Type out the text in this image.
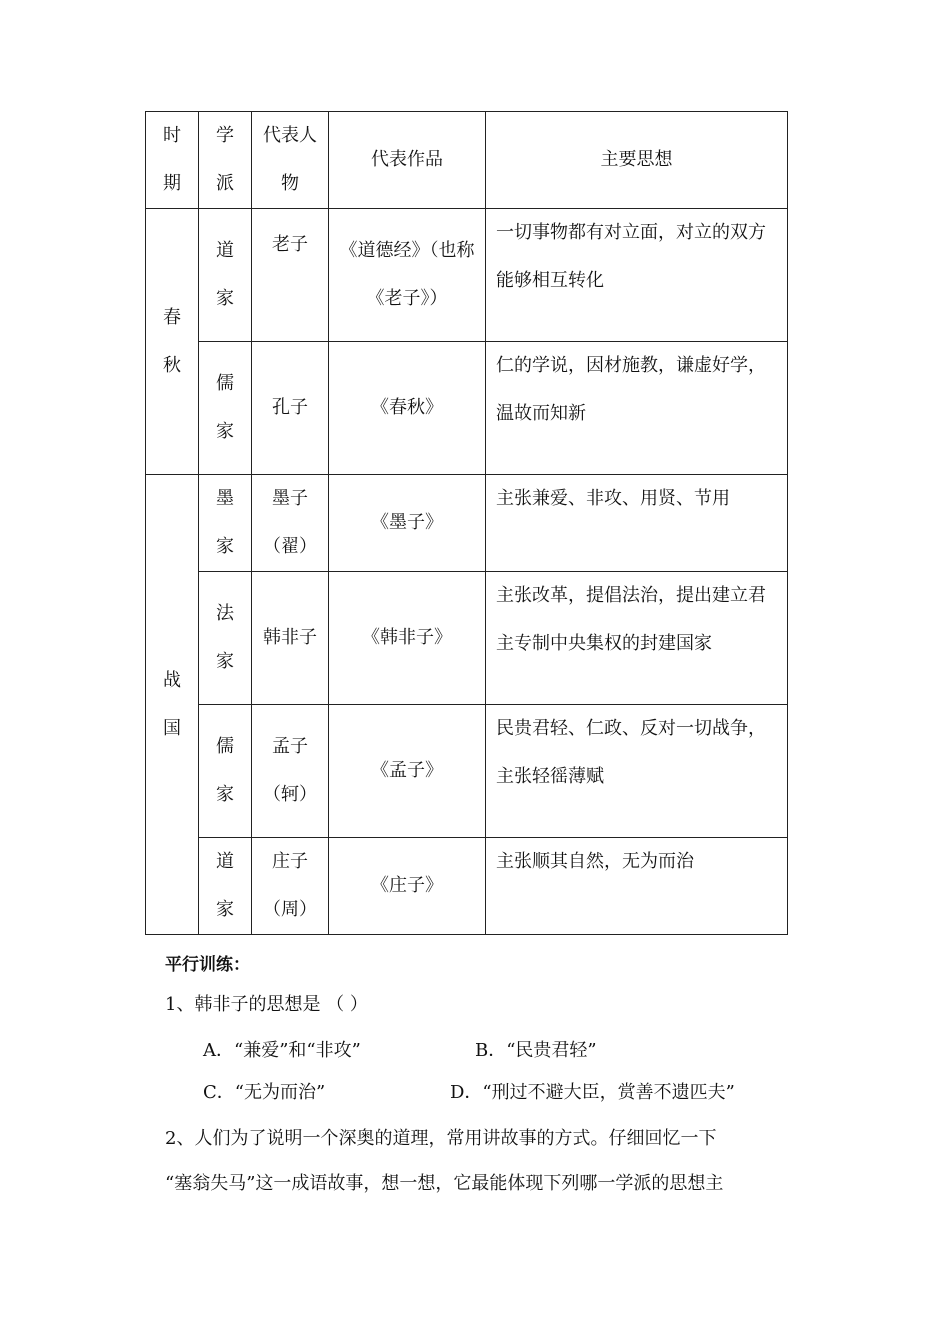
时期	学派	代表人物	代表作品	主要思想

春秋	道家	老子	《道德经》（也称《老子》）	一切事物都有对立面，对立的双方能够相互转化

	儒家	孔子	《春秋》	仁的学说，因材施教，谦虚好学，温故而知新

战国	墨家	墨子（翟）	《墨子》	主张兼爱、非攻、用贤、节用

	法家	韩非子	《韩非子》	主张改革，提倡法治，提出建立君主专制中央集权的封建国家

	儒家	孟子（轲）	《孟子》	民贵君轻、仁政、反对一切战争，主张轻徭薄赋

	道家	庄子（周）	《庄子》	主张顺其自然，无为而治
平行训练：
1、韩非子的思想是 （ ）
A．“兼爱”和“非攻”	B．“民贵君轻”
C．“无为而治”	D．“刑过不避大臣，赏善不遗匹夫”
2、人们为了说明一个深奥的道理，常用讲故事的方式。仔细回忆一下
“塞翁失马”这一成语故事，想一想，它最能体现下列哪一学派的思想主
